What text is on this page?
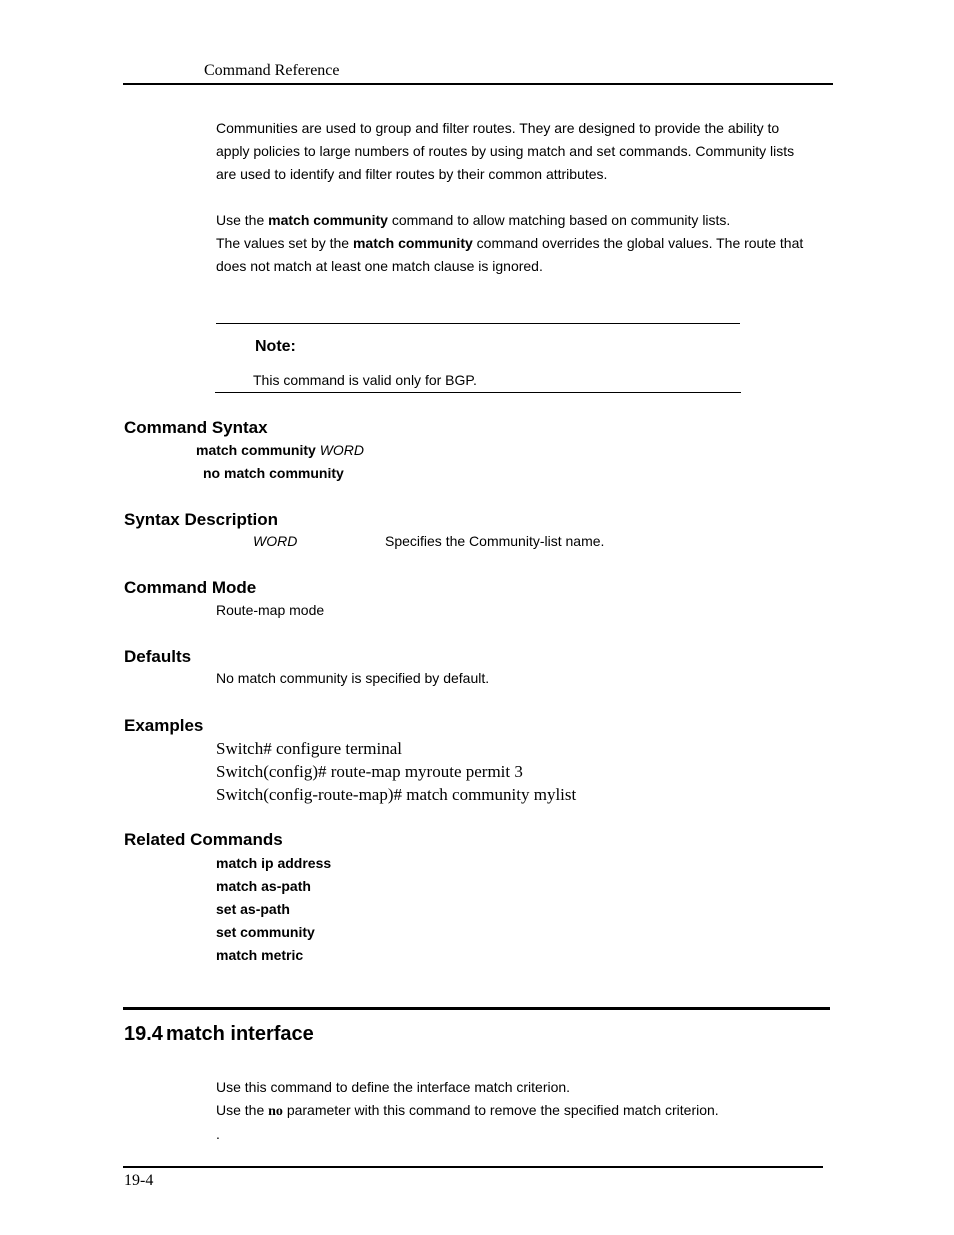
Command Reference
Communities are used to group and filter routes. They are designed to provide the ability to
apply policies to large numbers of routes by using match and set commands. Community lists
are used to identify and filter routes by their common attributes.
Use the match community command to allow matching based on community lists.
The values set by the match community command overrides the global values. The route that
does not match at least one match clause is ignored.
Note:
This command is valid only for BGP.
Command Syntax
match community WORD
no match community
Syntax Description
WORD	Specifies the Community-list name.
Command Mode
Route-map mode
Defaults
No match community is specified by default.
Examples
Switch# configure terminal
Switch(config)# route-map myroute permit 3
Switch(config-route-map)# match community mylist
Related Commands
match ip address
match as-path
set as-path
set community
match metric
19.4 match interface
Use this command to define the interface match criterion.
Use the no parameter with this command to remove the specified match criterion.
.
19-4
